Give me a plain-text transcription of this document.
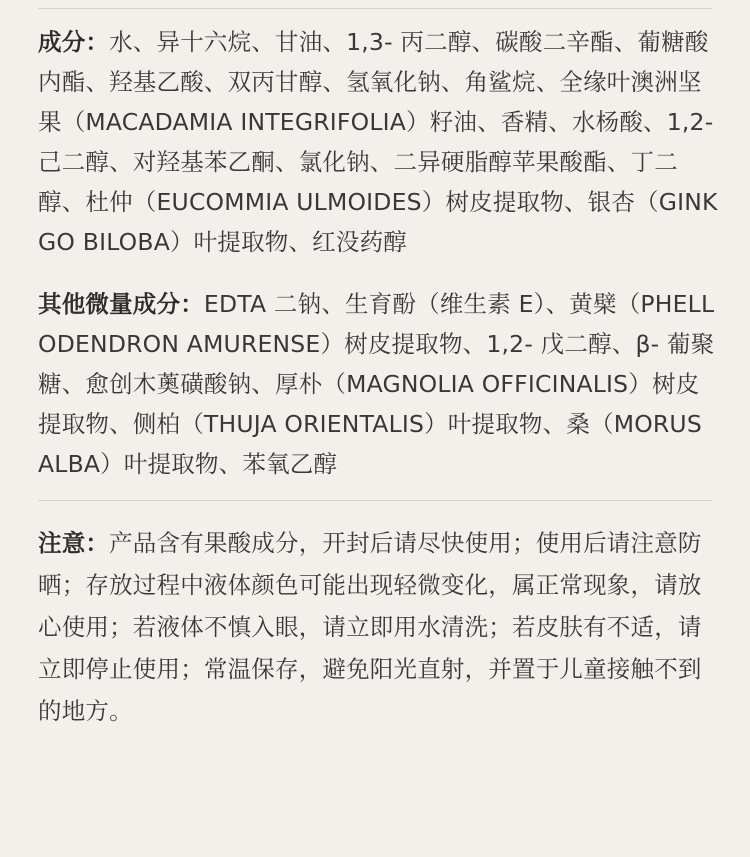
成分：水、异十六烷、甘油、1,3- 丙二醇、碳酸二辛酯、葡糖酸内酯、羟基乙酸、双丙甘醇、氢氧化钠、角鲨烷、全缘叶澳洲坚果（MACADAMIA INTEGRIFOLIA）籽油、香精、水杨酸、1,2- 己二醇、对羟基苯乙酮、氯化钠、二异硬脂醇苹果酸酯、丁二醇、杜仲（EUCOMMIA ULMOIDES）树皮提取物、银杏（GINKGO BILOBA）叶提取物、红没药醇
其他微量成分：EDTA 二钠、生育酚（维生素 E）、黄檗（PHELLODENDRON AMURENSE）树皮提取物、1,2- 戊二醇、β- 葡聚糖、愈创木薁磺酸钠、厚朴（MAGNOLIA OFFICINALIS）树皮提取物、侧柏（THUJA ORIENTALIS）叶提取物、桑（MORUS ALBA）叶提取物、苯氧乙醇
注意：产品含有果酸成分，开封后请尽快使用；使用后请注意防晒；存放过程中液体颜色可能出现轻微变化，属正常现象，请放心使用；若液体不慎入眼，请立即用水清洗；若皮肤有不适，请立即停止使用；常温保存，避免阳光直射，并置于儿童接触不到的地方。
